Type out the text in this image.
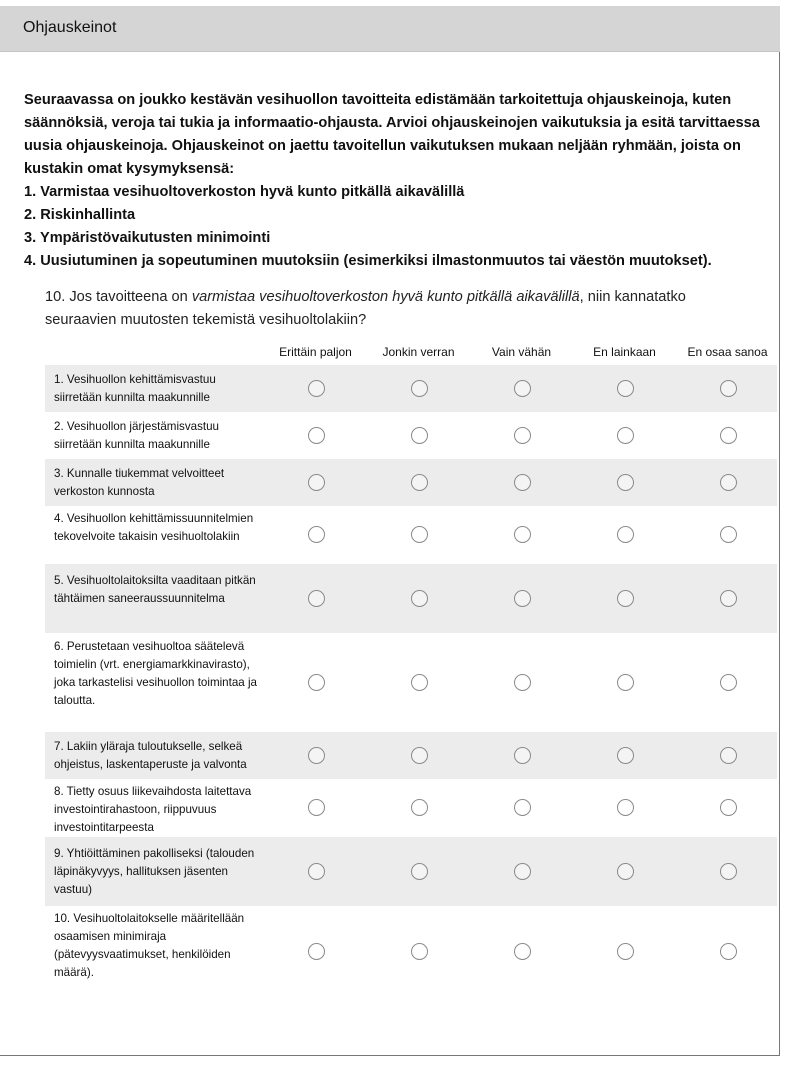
Ohjauskeinot

Seuraavassa on joukko kestävän vesihuollon tavoitteita edistämään tarkoitettuja ohjauskeinoja, kuten säännöksiä, veroja tai tukia ja informaatio-ohjausta. Arvioi ohjauskeinojen vaikutuksia ja esitä tarvittaessa uusia ohjauskeinoja. Ohjauskeinot on jaettu tavoitellun vaikutuksen mukaan neljään ryhmään, joista on kustakin omat kysymyksensä:

1. Varmistaa vesihuoltoverkoston hyvä kunto pitkällä aikavälillä
2. Riskinhallinta
3. Ympäristövaikutusten minimointi
4. Uusiutuminen ja sopeutuminen muutoksiin (esimerkiksi ilmastonmuutos tai väestön muutokset).
10. Jos tavoitteena on varmistaa vesihuoltoverkoston hyvä kunto pitkällä aikavälillä, niin kannatatko seuraavien muutosten tekemistä vesihuoltolakiin?
Erittäin paljon	Jonkin verran	Vain vähän	En lainkaan	En osaa sanoa
1. Vesihuollon kehittämisvastuu siirretään kunnilta maakunnille
2. Vesihuollon järjestämisvastuu siirretään kunnilta maakunnille
3. Kunnalle tiukemmat velvoitteet verkoston kunnosta
4. Vesihuollon kehittämissuunnitelmien tekovelvoite takaisin vesihuoltolakiin
5. Vesihuoltolaitoksilta vaaditaan pitkän tähtäimen saneeraussuunnitelma
6. Perustetaan vesihuoltoa säätelevä toimielin (vrt. energiamarkkinavirasto), joka tarkastelisi vesihuollon toimintaa ja taloutta.
7. Lakiin yläraja tuloutukselle, selkeä ohjeistus, laskentaperuste ja valvonta
8. Tietty osuus liikevaihdosta laitettava investointirahastoon, riippuvuus investointitarpeesta
9. Yhtiöittäminen pakolliseksi (talouden läpinäkyvyys, hallituksen jäsenten vastuu)
10. Vesihuoltolaitokselle määritellään osaamisen minimiraja (pätevyysvaatimukset, henkilöiden määrä).
